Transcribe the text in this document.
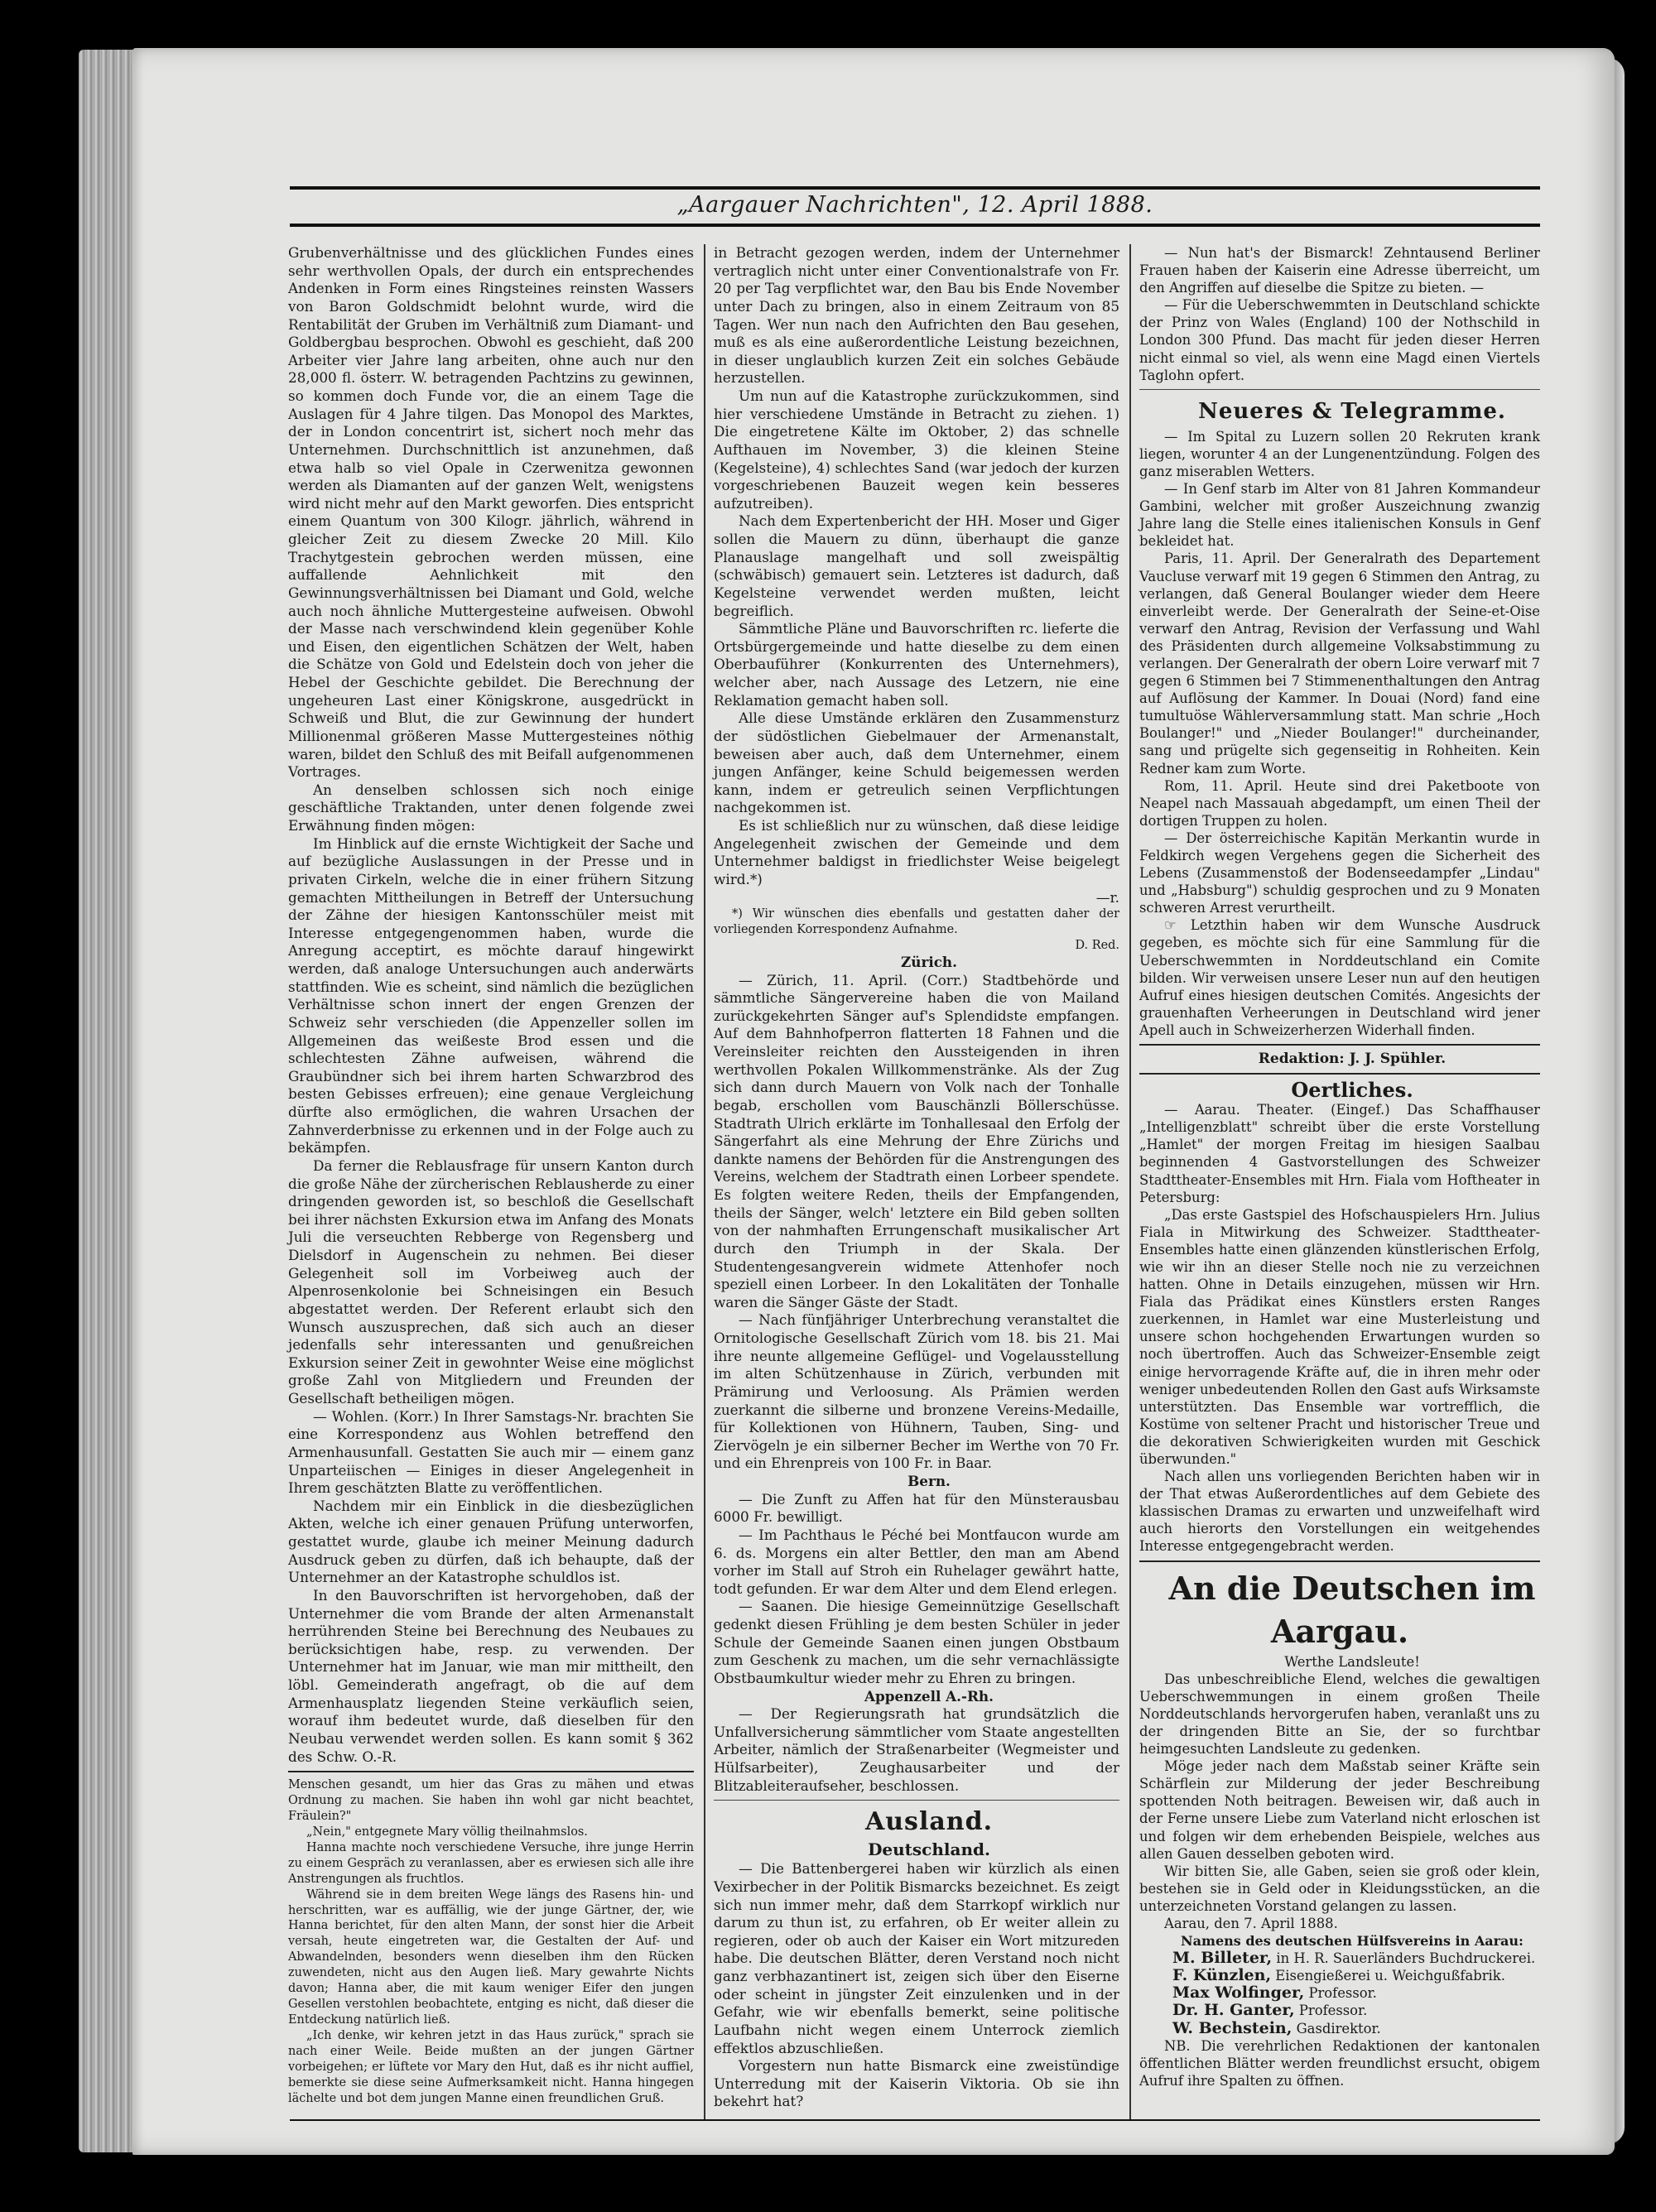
„Aargauer Nachrichten", 12. April 1888.

Grubenverhältnisse und des glücklichen Fundes eines sehr werthvollen Opals, der durch ein entsprechendes Andenken in Form eines Ringsteines reinsten Wassers von Baron Goldschmidt belohnt wurde, wird die Rentabilität der Gruben im Verhältniß zum Diamant- und Goldbergbau besprochen. Obwohl es geschieht, daß 200 Arbeiter vier Jahre lang arbeiten, ohne auch nur den 28,000 fl. österr. W. betragenden Pachtzins zu gewinnen, so kommen doch Funde vor, die an einem Tage die Auslagen für 4 Jahre tilgen. Das Monopol des Marktes, der in London concentrirt ist, sichert noch mehr das Unternehmen. Durchschnittlich ist anzunehmen, daß etwa halb so viel Opale in Czerwenitza gewonnen werden als Diamanten auf der ganzen Welt, wenigstens wird nicht mehr auf den Markt geworfen. Dies entspricht einem Quantum von 300 Kilogr. jährlich, während in gleicher Zeit zu diesem Zwecke 20 Mill. Kilo Trachytgestein gebrochen werden müssen, eine auffallende Aehnlichkeit mit den Gewinnungsverhältnissen bei Diamant und Gold, welche auch noch ähnliche Muttergesteine aufweisen. Obwohl der Masse nach verschwindend klein gegenüber Kohle und Eisen, den eigentlichen Schätzen der Welt, haben die Schätze von Gold und Edelstein doch von jeher die Hebel der Geschichte gebildet. Die Berechnung der ungeheuren Last einer Königskrone, ausgedrückt in Schweiß und Blut, die zur Gewinnung der hundert Millionenmal größeren Masse Muttergesteines nöthig waren, bildet den Schluß des mit Beifall aufgenommenen Vortrages.

An denselben schlossen sich noch einige geschäftliche Traktanden, unter denen folgende zwei Erwähnung finden mögen:

Im Hinblick auf die ernste Wichtigkeit der Sache und auf bezügliche Auslassungen in der Presse und in privaten Cirkeln, welche die in einer frühern Sitzung gemachten Mittheilungen in Betreff der Untersuchung der Zähne der hiesigen Kantonsschüler meist mit Interesse entgegengenommen haben, wurde die Anregung acceptirt, es möchte darauf hingewirkt werden, daß analoge Untersuchungen auch anderwärts stattfinden. Wie es scheint, sind nämlich die bezüglichen Verhältnisse schon innert der engen Grenzen der Schweiz sehr verschieden (die Appenzeller sollen im Allgemeinen das weißeste Brod essen und die schlechtesten Zähne aufweisen, während die Graubündner sich bei ihrem harten Schwarzbrod des besten Gebisses erfreuen); eine genaue Vergleichung dürfte also ermöglichen, die wahren Ursachen der Zahnverderbnisse zu erkennen und in der Folge auch zu bekämpfen.

Da ferner die Reblausfrage für unsern Kanton durch die große Nähe der zürcherischen Reblausherde zu einer dringenden geworden ist, so beschloß die Gesellschaft bei ihrer nächsten Exkursion etwa im Anfang des Monats Juli die verseuchten Rebberge von Regensberg und Dielsdorf in Augenschein zu nehmen. Bei dieser Gelegenheit soll im Vorbeiweg auch der Alpenrosenkolonie bei Schneisingen ein Besuch abgestattet werden. Der Referent erlaubt sich den Wunsch auszusprechen, daß sich auch an dieser jedenfalls sehr interessanten und genußreichen Exkursion seiner Zeit in gewohnter Weise eine möglichst große Zahl von Mitgliedern und Freunden der Gesellschaft betheiligen mögen.

— Wohlen. (Korr.) In Ihrer Samstags-Nr. brachten Sie eine Korrespondenz aus Wohlen betreffend den Armenhausunfall. Gestatten Sie auch mir — einem ganz Unparteiischen — Einiges in dieser Angelegenheit in Ihrem geschätzten Blatte zu veröffentlichen.

Nachdem mir ein Einblick in die diesbezüglichen Akten, welche ich einer genauen Prüfung unterworfen, gestattet wurde, glaube ich meiner Meinung dadurch Ausdruck geben zu dürfen, daß ich behaupte, daß der Unternehmer an der Katastrophe schuldlos ist.

In den Bauvorschriften ist hervorgehoben, daß der Unternehmer die vom Brande der alten Armenanstalt herrührenden Steine bei Berechnung des Neubaues zu berücksichtigen habe, resp. zu verwenden. Der Unternehmer hat im Januar, wie man mir mittheilt, den löbl. Gemeinderath angefragt, ob die auf dem Armenhausplatz liegenden Steine verkäuflich seien, worauf ihm bedeutet wurde, daß dieselben für den Neubau verwendet werden sollen. Es kann somit § 362 des Schw. O.-R.

Menschen gesandt, um hier das Gras zu mähen und etwas Ordnung zu machen. Sie haben ihn wohl gar nicht beachtet, Fräulein?"

„Nein," entgegnete Mary völlig theilnahmslos.

Hanna machte noch verschiedene Versuche, ihre junge Herrin zu einem Gespräch zu veranlassen, aber es erwiesen sich alle ihre Anstrengungen als fruchtlos.

Während sie in dem breiten Wege längs des Rasens hin- und herschritten, war es auffällig, wie der junge Gärtner, der, wie Hanna berichtet, für den alten Mann, der sonst hier die Arbeit versah, heute eingetreten war, die Gestalten der Auf- und Abwandelnden, besonders wenn dieselben ihm den Rücken zuwendeten, nicht aus den Augen ließ. Mary gewahrte Nichts davon; Hanna aber, die mit kaum weniger Eifer den jungen Gesellen verstohlen beobachtete, entging es nicht, daß dieser die Entdeckung natürlich ließ.

„Ich denke, wir kehren jetzt in das Haus zurück," sprach sie nach einer Weile. Beide mußten an der jungen Gärtner vorbeigehen; er lüftete vor Mary den Hut, daß es ihr nicht auffiel, bemerkte sie diese seine Aufmerksamkeit nicht. Hanna hingegen lächelte und bot dem jungen Manne einen freundlichen Gruß.

in Betracht gezogen werden, indem der Unternehmer vertraglich nicht unter einer Conventionalstrafe von Fr. 20 per Tag verpflichtet war, den Bau bis Ende November unter Dach zu bringen, also in einem Zeitraum von 85 Tagen. Wer nun nach den Aufrichten den Bau gesehen, muß es als eine außerordentliche Leistung bezeichnen, in dieser unglaublich kurzen Zeit ein solches Gebäude herzustellen.

Um nun auf die Katastrophe zurückzukommen, sind hier verschiedene Umstände in Betracht zu ziehen. 1) Die eingetretene Kälte im Oktober, 2) das schnelle Aufthauen im November, 3) die kleinen Steine (Kegelsteine), 4) schlechtes Sand (war jedoch der kurzen vorgeschriebenen Bauzeit wegen kein besseres aufzutreiben).

Nach dem Expertenbericht der HH. Moser und Giger sollen die Mauern zu dünn, überhaupt die ganze Planauslage mangelhaft und soll zweispältig (schwäbisch) gemauert sein. Letzteres ist dadurch, daß Kegelsteine verwendet werden mußten, leicht begreiflich.

Sämmtliche Pläne und Bauvorschriften rc. lieferte die Ortsbürgergemeinde und hatte dieselbe zu dem einen Oberbauführer (Konkurrenten des Unternehmers), welcher aber, nach Aussage des Letzern, nie eine Reklamation gemacht haben soll.

Alle diese Umstände erklären den Zusammensturz der südöstlichen Giebelmauer der Armenanstalt, beweisen aber auch, daß dem Unternehmer, einem jungen Anfänger, keine Schuld beigemessen werden kann, indem er getreulich seinen Verpflichtungen nachgekommen ist.

Es ist schließlich nur zu wünschen, daß diese leidige Angelegenheit zwischen der Gemeinde und dem Unternehmer baldigst in friedlichster Weise beigelegt wird.*)

—r.

*) Wir wünschen dies ebenfalls und gestatten daher der vorliegenden Korrespondenz Aufnahme.

D. Red.

Zürich.

— Zürich, 11. April. (Corr.) Stadtbehörde und sämmtliche Sängervereine haben die von Mailand zurückgekehrten Sänger auf's Splendidste empfangen. Auf dem Bahnhofperron flatterten 18 Fahnen und die Vereinsleiter reichten den Aussteigenden in ihren werthvollen Pokalen Willkommenstränke. Als der Zug sich dann durch Mauern von Volk nach der Tonhalle begab, erschollen vom Bauschänzli Böllerschüsse. Stadtrath Ulrich erklärte im Tonhallesaal den Erfolg der Sängerfahrt als eine Mehrung der Ehre Zürichs und dankte namens der Behörden für die Anstrengungen des Vereins, welchem der Stadtrath einen Lorbeer spendete. Es folgten weitere Reden, theils der Empfangenden, theils der Sänger, welch' letztere ein Bild geben sollten von der nahmhaften Errungenschaft musikalischer Art durch den Triumph in der Skala. Der Studentengesangverein widmete Attenhofer noch speziell einen Lorbeer. In den Lokalitäten der Tonhalle waren die Sänger Gäste der Stadt.

— Nach fünfjähriger Unterbrechung veranstaltet die Ornitologische Gesellschaft Zürich vom 18. bis 21. Mai ihre neunte allgemeine Geflügel- und Vogelausstellung im alten Schützenhause in Zürich, verbunden mit Prämirung und Verloosung. Als Prämien werden zuerkannt die silberne und bronzene Vereins-Medaille, für Kollektionen von Hühnern, Tauben, Sing- und Ziervögeln je ein silberner Becher im Werthe von 70 Fr. und ein Ehrenpreis von 100 Fr. in Baar.

Bern.

— Die Zunft zu Affen hat für den Münsterausbau 6000 Fr. bewilligt.

— Im Pachthaus le Péché bei Montfaucon wurde am 6. ds. Morgens ein alter Bettler, den man am Abend vorher im Stall auf Stroh ein Ruhelager gewährt hatte, todt gefunden. Er war dem Alter und dem Elend erlegen.

— Saanen. Die hiesige Gemeinnützige Gesellschaft gedenkt diesen Frühling je dem besten Schüler in jeder Schule der Gemeinde Saanen einen jungen Obstbaum zum Geschenk zu machen, um die sehr vernachlässigte Obstbaumkultur wieder mehr zu Ehren zu bringen.

Appenzell A.-Rh.

— Der Regierungsrath hat grundsätzlich die Unfallversicherung sämmtlicher vom Staate angestellten Arbeiter, nämlich der Straßenarbeiter (Wegmeister und Hülfsarbeiter), Zeughausarbeiter und der Blitzableiteraufseher, beschlossen.

Ausland.

Deutschland.

— Die Battenbergerei haben wir kürzlich als einen Vexirbecher in der Politik Bismarcks bezeichnet. Es zeigt sich nun immer mehr, daß dem Starrkopf wirklich nur darum zu thun ist, zu erfahren, ob Er weiter allein zu regieren, oder ob auch der Kaiser ein Wort mitzureden habe. Die deutschen Blätter, deren Verstand noch nicht ganz verbhazantinert ist, zeigen sich über den Eiserne oder scheint in jüngster Zeit einzulenken und in der Gefahr, wie wir ebenfalls bemerkt, seine politische Laufbahn nicht wegen einem Unterrock ziemlich effektlos abzuschließen.

Vorgestern nun hatte Bismarck eine zweistündige Unterredung mit der Kaiserin Viktoria. Ob sie ihn bekehrt hat?

— Nun hat's der Bismarck! Zehntausend Berliner Frauen haben der Kaiserin eine Adresse überreicht, um den Angriffen auf dieselbe die Spitze zu bieten. —

— Für die Ueberschwemmten in Deutschland schickte der Prinz von Wales (England) 100 der Nothschild in London 300 Pfund. Das macht für jeden dieser Herren nicht einmal so viel, als wenn eine Magd einen Viertels Taglohn opfert.

Neueres & Telegramme.

— Im Spital zu Luzern sollen 20 Rekruten krank liegen, worunter 4 an der Lungenentzündung. Folgen des ganz miserablen Wetters.

— In Genf starb im Alter von 81 Jahren Kommandeur Gambini, welcher mit großer Auszeichnung zwanzig Jahre lang die Stelle eines italienischen Konsuls in Genf bekleidet hat.

Paris, 11. April. Der Generalrath des Departement Vaucluse verwarf mit 19 gegen 6 Stimmen den Antrag, zu verlangen, daß General Boulanger wieder dem Heere einverleibt werde. Der Generalrath der Seine-et-Oise verwarf den Antrag, Revision der Verfassung und Wahl des Präsidenten durch allgemeine Volksabstimmung zu verlangen. Der Generalrath der obern Loire verwarf mit 7 gegen 6 Stimmen bei 7 Stimmenenthaltungen den Antrag auf Auflösung der Kammer. In Douai (Nord) fand eine tumultuöse Wählerversammlung statt. Man schrie „Hoch Boulanger!" und „Nieder Boulanger!" durcheinander, sang und prügelte sich gegenseitig in Rohheiten. Kein Redner kam zum Worte.

Rom, 11. April. Heute sind drei Paketboote von Neapel nach Massauah abgedampft, um einen Theil der dortigen Truppen zu holen.

— Der österreichische Kapitän Merkantin wurde in Feldkirch wegen Vergehens gegen die Sicherheit des Lebens (Zusammenstoß der Bodenseedampfer „Lindau" und „Habsburg") schuldig gesprochen und zu 9 Monaten schweren Arrest verurtheilt.

☞ Letzthin haben wir dem Wunsche Ausdruck gegeben, es möchte sich für eine Sammlung für die Ueberschwemmten in Norddeutschland ein Comite bilden. Wir verweisen unsere Leser nun auf den heutigen Aufruf eines hiesigen deutschen Comités. Angesichts der grauenhaften Verheerungen in Deutschland wird jener Apell auch in Schweizerherzen Widerhall finden.

Redaktion: J. J. Spühler.

Oertliches.

— Aarau. Theater. (Eingef.) Das Schaffhauser „Intelligenzblatt" schreibt über die erste Vorstellung „Hamlet" der morgen Freitag im hiesigen Saalbau beginnenden 4 Gastvorstellungen des Schweizer Stadttheater-Ensembles mit Hrn. Fiala vom Hoftheater in Petersburg:

„Das erste Gastspiel des Hofschauspielers Hrn. Julius Fiala in Mitwirkung des Schweizer. Stadttheater-Ensembles hatte einen glänzenden künstlerischen Erfolg, wie wir ihn an dieser Stelle noch nie zu verzeichnen hatten. Ohne in Details einzugehen, müssen wir Hrn. Fiala das Prädikat eines Künstlers ersten Ranges zuerkennen, in Hamlet war eine Musterleistung und unsere schon hochgehenden Erwartungen wurden so noch übertroffen. Auch das Schweizer-Ensemble zeigt einige hervorragende Kräfte auf, die in ihren mehr oder weniger unbedeutenden Rollen den Gast aufs Wirksamste unterstützten. Das Ensemble war vortrefflich, die Kostüme von seltener Pracht und historischer Treue und die dekorativen Schwierigkeiten wurden mit Geschick überwunden."

Nach allen uns vorliegenden Berichten haben wir in der That etwas Außerordentliches auf dem Gebiete des klassischen Dramas zu erwarten und unzweifelhaft wird auch hierorts den Vorstellungen ein weitgehendes Interesse entgegengebracht werden.

An die Deutschen im Aargau.

Werthe Landsleute!

Das unbeschreibliche Elend, welches die gewaltigen Ueberschwemmungen in einem großen Theile Norddeutschlands hervorgerufen haben, veranlaßt uns zu der dringenden Bitte an Sie, der so furchtbar heimgesuchten Landsleute zu gedenken.

Möge jeder nach dem Maßstab seiner Kräfte sein Schärflein zur Milderung der jeder Beschreibung spottenden Noth beitragen. Beweisen wir, daß auch in der Ferne unsere Liebe zum Vaterland nicht erloschen ist und folgen wir dem erhebenden Beispiele, welches aus allen Gauen desselben geboten wird.

Wir bitten Sie, alle Gaben, seien sie groß oder klein, bestehen sie in Geld oder in Kleidungsstücken, an die unterzeichneten Vorstand gelangen zu lassen.

Aarau, den 7. April 1888.

Namens des deutschen Hülfsvereins in Aarau:

M. Billeter, in H. R. Sauerländers Buchdruckerei.
F. Künzlen, Eisengießerei u. Weichgußfabrik.
Max Wolfinger, Professor.
Dr. H. Ganter, Professor.
W. Bechstein, Gasdirektor.

NB. Die verehrlichen Redaktionen der kantonalen öffentlichen Blätter werden freundlichst ersucht, obigem Aufruf ihre Spalten zu öffnen.
